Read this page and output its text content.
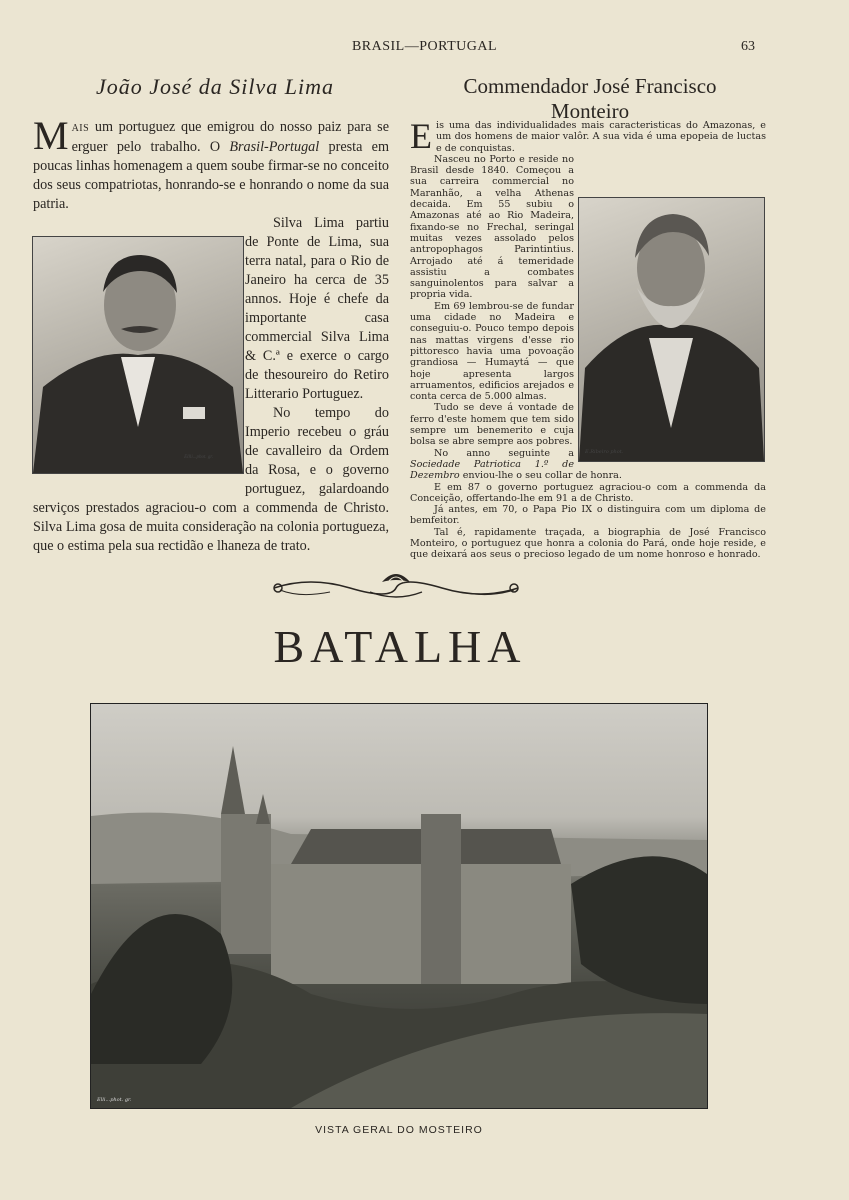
BRASIL—PORTUGAL	63
João José da Silva Lima	Commendador José Francisco Monteiro

MAIS um portuguez que emigrou do nosso paiz para se erguer pelo trabalho. O Brasil-Portugal presta em poucas linhas homenagem a quem soube firmar-se no conceito dos seus compatriotas, honrando-se e honrando o nome da sua patria.

Ellli...phot. gr.

Silva Lima partiu de Ponte de Lima, sua terra natal, para o Rio de Janeiro ha cerca de 35 annos. Hoje é chefe da importante casa commercial Silva Lima & C.ª e exerce o cargo de thesoureiro do Retiro Litterario Portuguez.

No tempo do Imperio recebeu o gráu de cavalleiro da Ordem da Rosa, e o governo portuguez, galardoando serviços prestados agraciou-o com a commenda de Christo. Silva Lima gosa de muita consideração na colonia portugueza, que o estima pela sua rectidão e lhaneza de trato.

Eis uma das individualidades mais caracteristicas do Amazonas, e um dos homens de maior valôr. A sua vida é uma epopeia de luctas e de conquistas.

Nasceu no Porto e reside no Brasil desde 1840. Começou a sua carreira commercial no Maranhão, a velha Athenas decaida. Em 55 subiu o Amazonas até ao Rio Madeira, fixando-se no Frechal, seringal muitas vezes assolado pelos antropophagos Parintintius. Arrojado até á temeridade assistiu a combates sanguinolentos para salvar a propria vida.

Em 69 lembrou-se de fundar uma cidade no Madeira e conseguiu-o. Pouco tempo depois nas mattas virgens d'esse rio pittoresco havia uma povoação grandiosa — Humaytá — que hoje apresenta largos arruamentos, edificios arejados e conta cerca de 5.000 almas.

Tudo se deve á vontade de ferro d'este homem que tem sido sempre um benemerito e cuja bolsa se abre sempre aos pobres.

No anno seguinte a Sociedade Patriotica 1.º de Dezembro enviou-lhe o seu collar de honra.

E em 87 o governo portuguez agraciou-o com a commenda da Conceição, offertando-lhe em 91 a de Christo.

Já antes, em 70, o Papa Pio IX o distinguira com um diploma de bemfeitor.

Tal é, rapidamente traçada, a biographia de José Francisco Monteiro, o portuguez que honra a colonia do Pará, onde hoje reside, e que deixará aos seus o precioso legado de um nome honroso e honrado.

E.Ribeiro phot.
BATALHA
Elli...phot. gr.
VISTA GERAL DO MOSTEIRO
